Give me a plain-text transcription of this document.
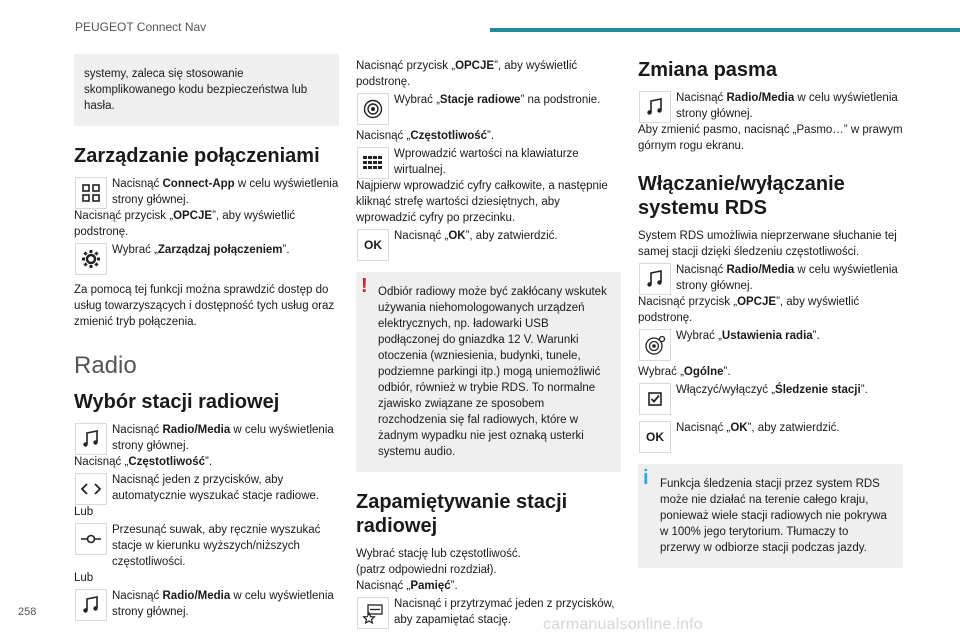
PEUGEOT Connect Nav

systemy, zaleca się stosowanie skomplikowanego kodu bezpieczeństwa lub hasła.

Zarządzanie połączeniami
Nacisnąć Connect-App w celu wyświetlenia strony głównej.

Nacisnąć przycisk „OPCJE”, aby wyświetlić podstronę.

Wybrać „Zarządzaj połączeniem”.

Za pomocą tej funkcji można sprawdzić dostęp do usług towarzyszących i dostępność tych usług oraz zmienić tryb połączenia.

Radio
Wybór stacji radiowej
Nacisnąć Radio/Media w celu wyświetlenia strony głównej.

Nacisnąć „Częstotliwość”.

Nacisnąć jeden z przycisków, aby automatycznie wyszukać stacje radiowe.

Lub

Przesunąć suwak, aby ręcznie wyszukać stacje w kierunku wyższych/niższych częstotliwości.

Lub

Nacisnąć Radio/Media w celu wyświetlenia strony głównej.

Nacisnąć przycisk „OPCJE”, aby wyświetlić podstronę.

Wybrać „Stacje radiowe” na podstronie.

Nacisnąć „Częstotliwość”.

Wprowadzić wartości na klawiaturze wirtualnej.

Najpierw wprowadzić cyfry całkowite, a następnie kliknąć strefę wartości dziesiętnych, aby wprowadzić cyfry po przecinku.

OK
Nacisnąć „OK”, aby zatwierdzić.
! Odbiór radiowy może być zakłócany wskutek używania niehomologowanych urządzeń elektrycznych, np. ładowarki USB podłączonej do gniazdka 12 V. Warunki otoczenia (wzniesienia, budynki, tunele, podziemne parkingi itp.) mogą uniemożliwić odbiór, również w trybie RDS. To normalne zjawisko związane ze sposobem rozchodzenia się fal radiowych, które w żadnym wypadku nie jest oznaką usterki systemu audio.

Zapamiętywanie stacji radiowej

Wybrać stację lub częstotliwość.

(patrz odpowiedni rozdział).

Nacisnąć „Pamięć”.

Nacisnąć i przytrzymać jeden z przycisków, aby zapamiętać stację.
Zmiana pasma
Nacisnąć Radio/Media w celu wyświetlenia strony głównej.

Aby zmienić pasmo, nacisnąć „Pasmo…” w prawym górnym rogu ekranu.

Włączanie/wyłączanie systemu RDS

System RDS umożliwia nieprzerwane słuchanie tej samej stacji dzięki śledzeniu częstotliwości.

Nacisnąć Radio/Media w celu wyświetlenia strony głównej.

Nacisnąć przycisk „OPCJE”, aby wyświetlić podstronę.

Wybrać „Ustawienia radia”.

Wybrać „Ogólne”.

Włączyć/wyłączyć „Śledzenie stacji”.
OK
Nacisnąć „OK”, aby zatwierdzić.
i Funkcja śledzenia stacji przez system RDS może nie działać na terenie całego kraju, ponieważ wiele stacji radiowych nie pokrywa w 100% jego terytorium. Tłumaczy to przerwy w odbiorze stacji podczas jazdy.

258
carmanualsonline.info
